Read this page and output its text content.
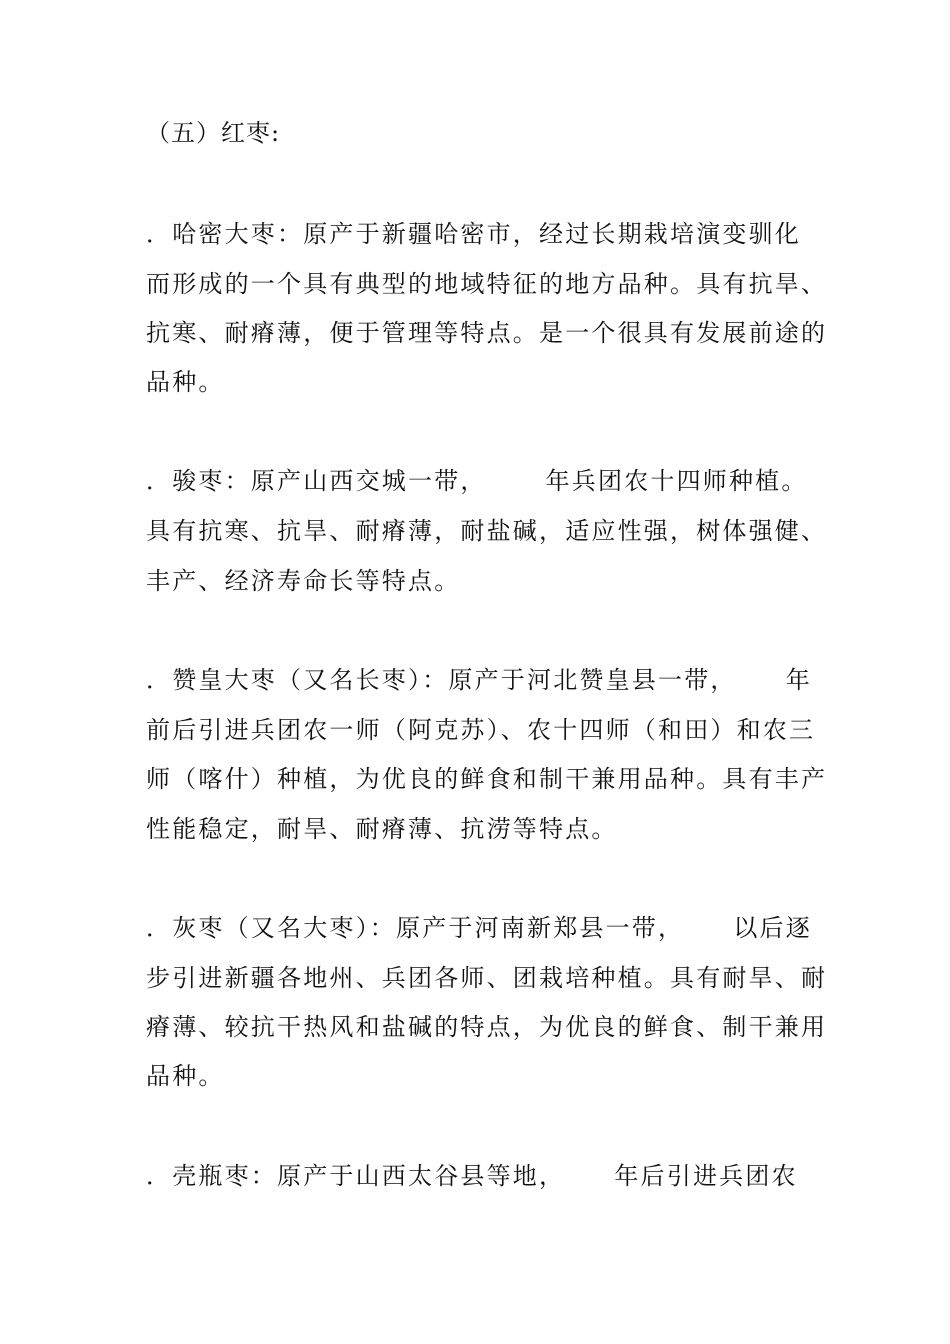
（五）红枣:
．哈密大枣：原产于新疆哈密市，经过长期栽培演变驯化
而形成的一个具有典型的地域特征的地方品种。具有抗旱、
抗寒、耐瘠薄，便于管理等特点。是一个很具有发展前途的
品种。
．骏枣：原产山西交城一带，      年兵团农十四师种植。
具有抗寒、抗旱、耐瘠薄，耐盐碱，适应性强，树体强健、
丰产、经济寿命长等特点。
．赞皇大枣（又名长枣）：原产于河北赞皇县一带，     年
前后引进兵团农一师（阿克苏）、农十四师（和田）和农三
师（喀什）种植，为优良的鲜食和制干兼用品种。具有丰产
性能稳定，耐旱、耐瘠薄、抗涝等特点。
．灰枣（又名大枣）：原产于河南新郑县一带，     以后逐
步引进新疆各地州、兵团各师、团栽培种植。具有耐旱、耐
瘠薄、较抗干热风和盐碱的特点，为优良的鲜食、制干兼用
品种。
．壳瓶枣：原产于山西太谷县等地，     年后引进兵团农
